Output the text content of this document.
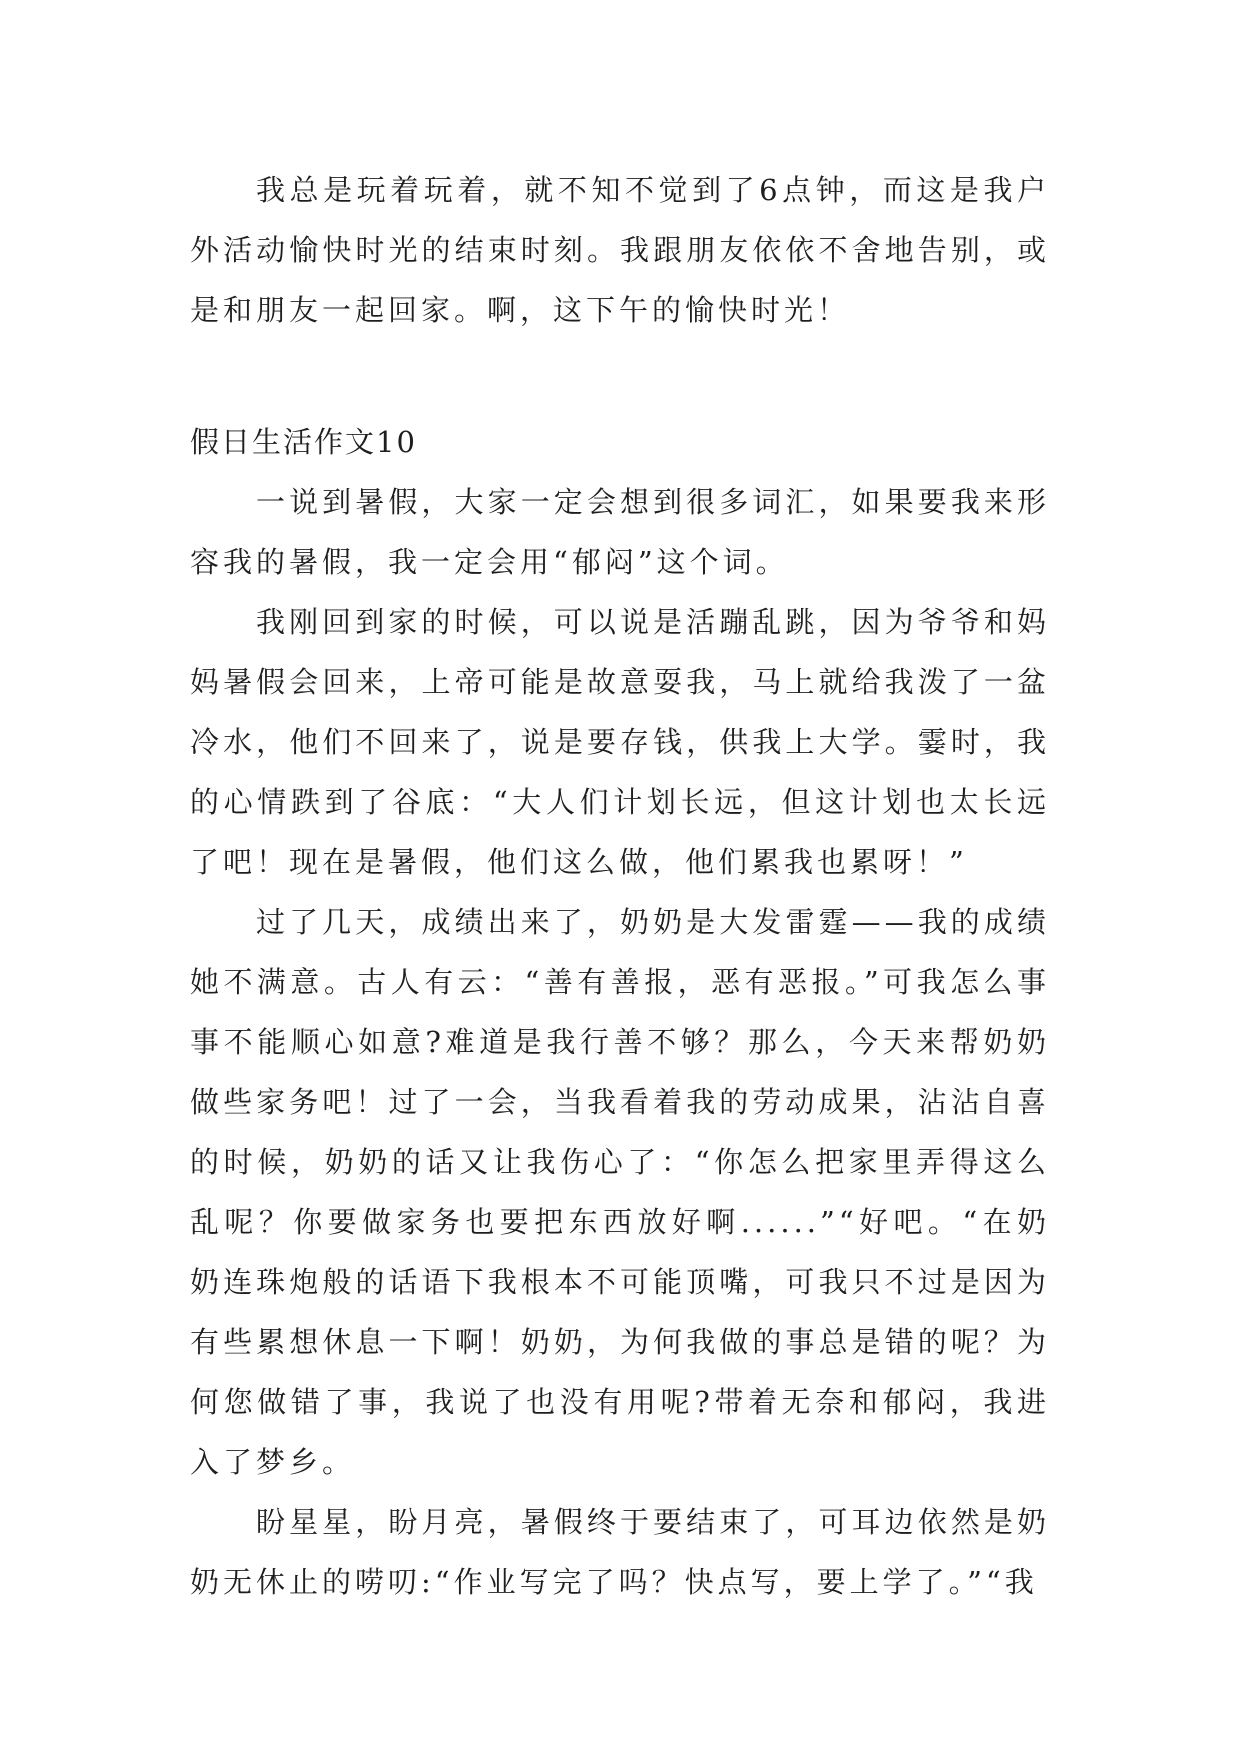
我总是玩着玩着，就不知不觉到了6点钟，而这是我户外活动愉快时光的结束时刻。我跟朋友依依不舍地告别，或是和朋友一起回家。啊，这下午的愉快时光！

假日生活作文10

一说到暑假，大家一定会想到很多词汇，如果要我来形容我的暑假，我一定会用“郁闷”这个词。

我刚回到家的时候，可以说是活蹦乱跳，因为爷爷和妈妈暑假会回来，上帝可能是故意耍我，马上就给我泼了一盆冷水，他们不回来了，说是要存钱，供我上大学。霎时，我的心情跌到了谷底：“大人们计划长远，但这计划也太长远了吧！现在是暑假，他们这么做，他们累我也累呀！”

过了几天，成绩出来了，奶奶是大发雷霆——我的成绩她不满意。古人有云：“善有善报，恶有恶报。”可我怎么事事不能顺心如意?难道是我行善不够？那么，今天来帮奶奶做些家务吧！过了一会，当我看着我的劳动成果，沾沾自喜的时候，奶奶的话又让我伤心了：“你怎么把家里弄得这么乱呢？你要做家务也要把东西放好啊......”“好吧。“在奶奶连珠炮般的话语下我根本不可能顶嘴，可我只不过是因为有些累想休息一下啊！奶奶，为何我做的事总是错的呢？为何您做错了事，我说了也没有用呢?带着无奈和郁闷，我进入了梦乡。

盼星星，盼月亮，暑假终于要结束了，可耳边依然是奶奶无休止的唠叨:“作业写完了吗？快点写，要上学了。”“我
